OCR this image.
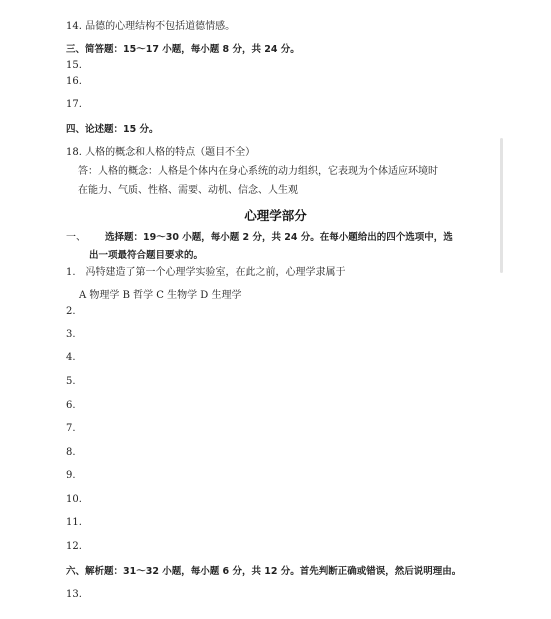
14. 品德的心理结构不包括道德情感。
三、简答题：15～17 小题，每小题 8 分，共 24 分。
15.
16.
17.
四、论述题：15 分。
18. 人格的概念和人格的特点（题目不全）
答：人格的概念：人格是个体内在身心系统的动力组织，它表现为个体适应环境时
在能力、气质、性格、需要、动机、信念、人生观
心理学部分
一、 选择题：19～30 小题，每小题 2 分，共 24 分。在每小题给出的四个选项中，选
出一项最符合题目要求的。
1.　冯特建造了第一个心理学实验室，在此之前，心理学隶属于
A 物理学 B 哲学 C 生物学 D 生理学
2.
3.
4.
5.
6.
7.
8.
9.
10.
11.
12.
六、解析题：31～32 小题，每小题 6 分，共 12 分。首先判断正确或错误，然后说明理由。
13.
